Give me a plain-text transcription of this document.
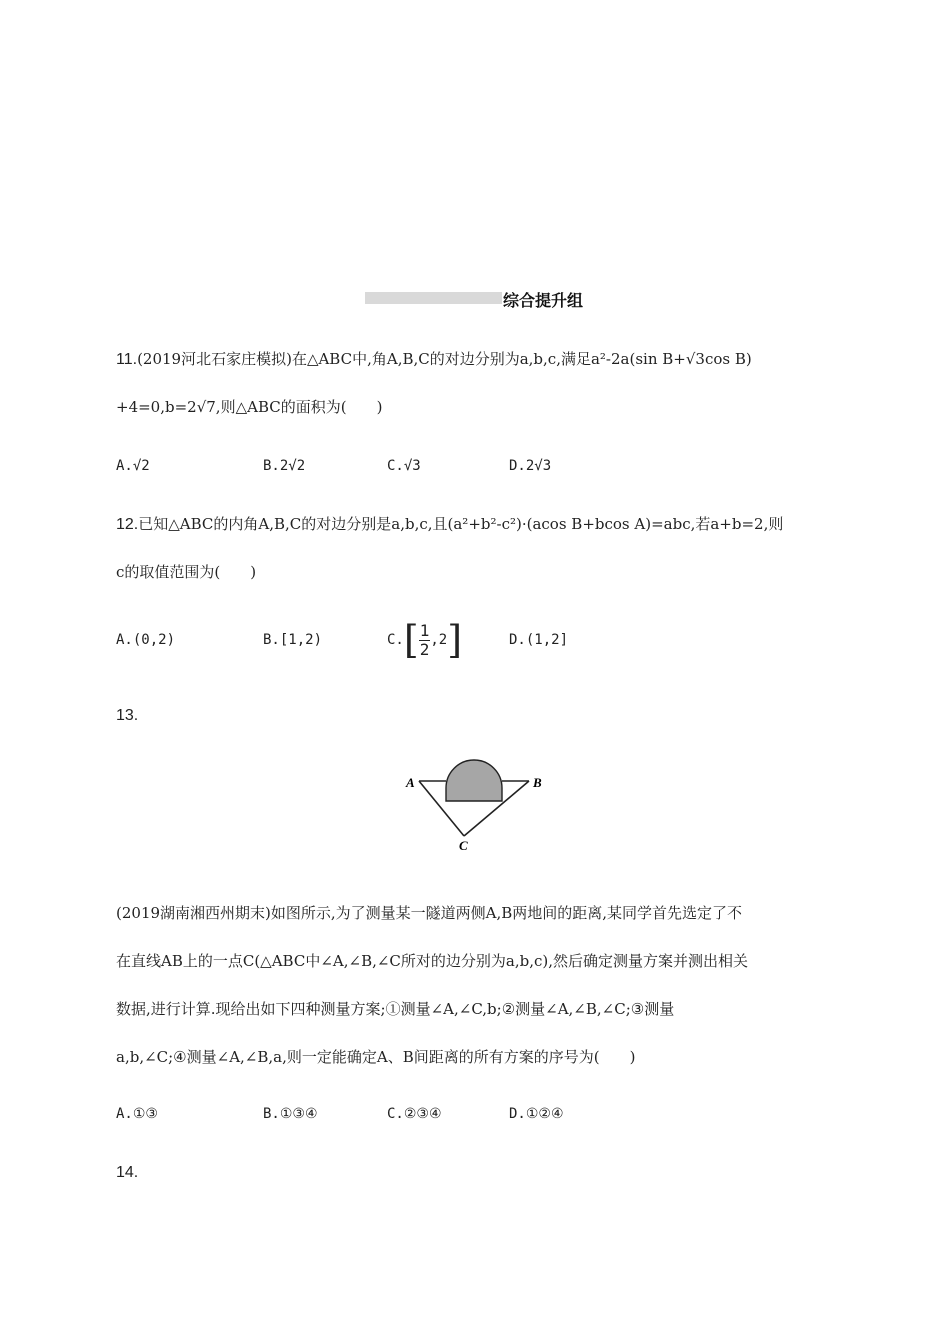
综合提升组
11.(2019河北石家庄模拟)在△ABC中,角A,B,C的对边分别为a,b,c,满足a²-2a(sin B+√3cos B)
+4=0,b=2√7,则△ABC的面积为(　　)
A.√2	B.2√2	C.√3	D.2√3
12.已知△ABC的内角A,B,C的对边分别是a,b,c,且(a²+b²-c²)·(acos B+bcos A)=abc,若a+b=2,则
c的取值范围为(　　)
A.(0,2)	B.[1,2)	$C.[ \frac{1}{2} ,2]$	D.(1,2]
13.
A	B
C
(2019湖南湘西州期末)如图所示,为了测量某一隧道两侧A,B两地间的距离,某同学首先选定了不
在直线AB上的一点C(△ABC中∠A,∠B,∠C所对的边分别为a,b,c),然后确定测量方案并测出相关
数据,进行计算.现给出如下四种测量方案;①测量∠A,∠C,b;②测量∠A,∠B,∠C;③测量
a,b,∠C;④测量∠A,∠B,a,则一定能确定A、B间距离的所有方案的序号为(　　)
A.①③	B.①③④	C.②③④	D.①②④
14.
